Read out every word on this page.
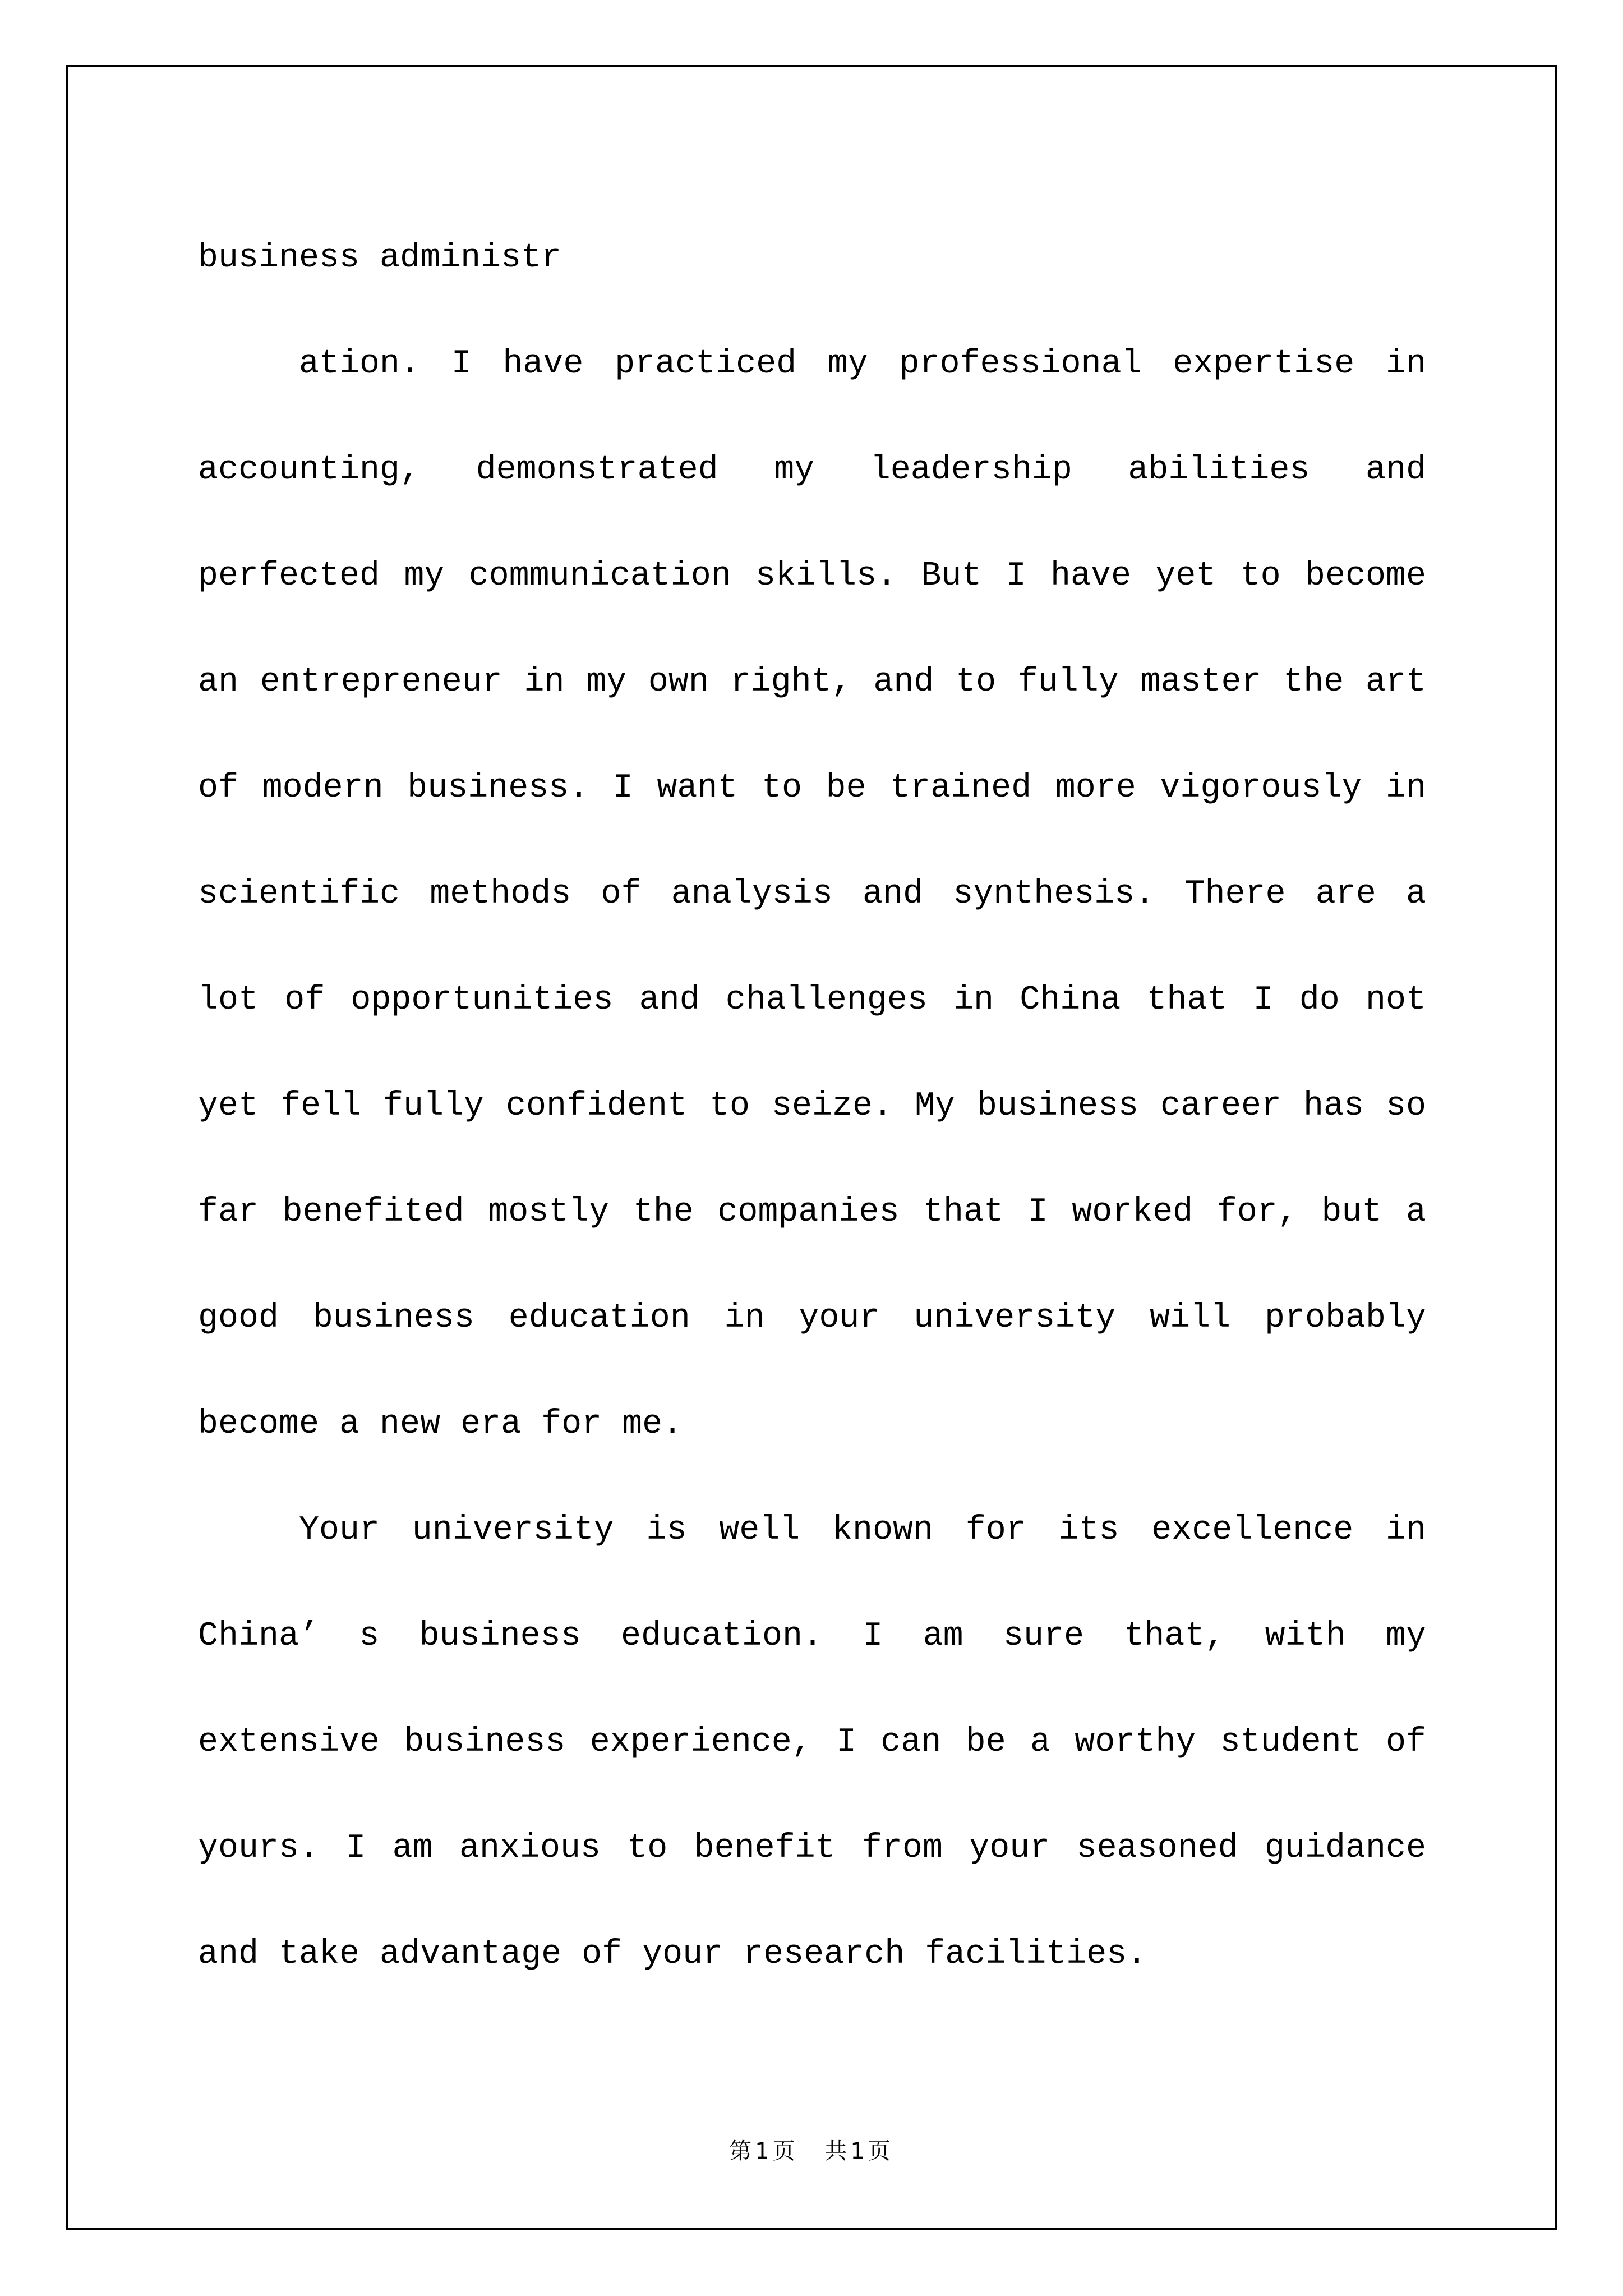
business administr

ation. I have practiced my professional expertise in accounting, demonstrated my leadership abilities and perfected my communication skills. But I have yet to become an entrepreneur in my own right, and to fully master the art of modern business. I want to be trained more vigorously in scientific methods of analysis and synthesis. There are a lot of opportunities and challenges in China that I do not yet fell fully confident to seize. My business career has so far benefited mostly the companies that I worked for, but a good business education in your university will probably become a new era for me.

Your university is well known for its excellence in China’ s business education. I am sure that, with my extensive business experience, I can be a worthy student of yours. I am anxious to benefit from your seasoned guidance and take advantage of your research facilities.

第1页 共1页
